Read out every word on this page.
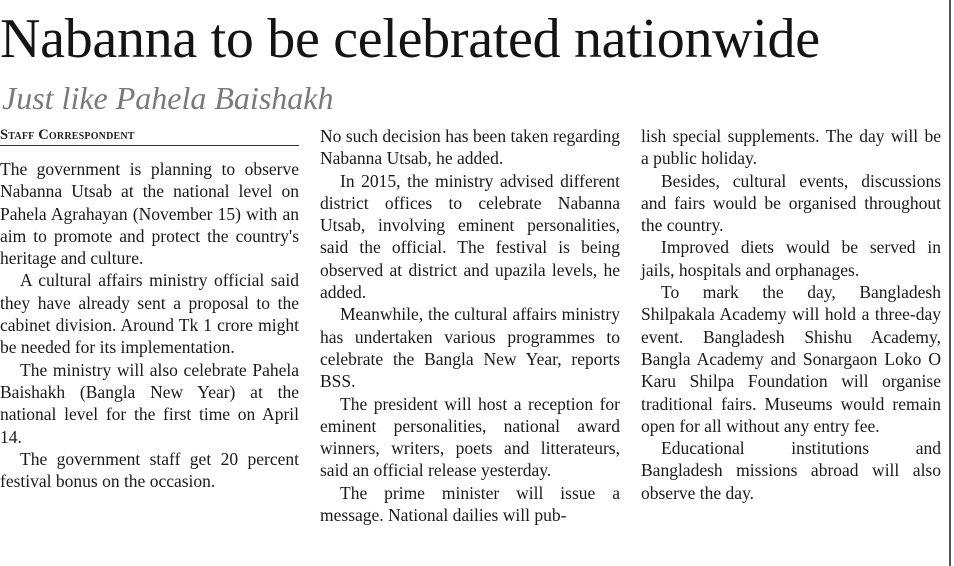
Nabanna to be celebrated nationwide
Just like Pahela Baishakh
Staff Correspondent

The government is planning to observe Nabanna Utsab at the national level on Pahela Agrahayan (November 15) with an aim to promote and protect the country's heritage and culture.

A cultural affairs ministry official said they have already sent a proposal to the cabinet division. Around Tk 1 crore might be needed for its implementation.

The ministry will also celebrate Pahela Baishakh (Bangla New Year) at the national level for the first time on April 14.

The government staff get 20 percent festival bonus on the occasion.

No such decision has been taken regarding Nabanna Utsab, he added.

In 2015, the ministry advised different district offices to celebrate Nabanna Utsab, involving eminent personalities, said the official. The festival is being observed at district and upazila levels, he added.

Meanwhile, the cultural affairs ministry has undertaken various programmes to celebrate the Bangla New Year, reports BSS.

The president will host a reception for eminent personalities, national award winners, writers, poets and litterateurs, said an official release yesterday.

The prime minister will issue a message. National dailies will pub-

lish special supplements. The day will be a public holiday.

Besides, cultural events, discussions and fairs would be organised throughout the country.

Improved diets would be served in jails, hospitals and orphanages.

To mark the day, Bangladesh Shilpakala Academy will hold a three-day event. Bangladesh Shishu Academy, Bangla Academy and Sonargaon Loko O Karu Shilpa Foundation will organise traditional fairs. Museums would remain open for all without any entry fee.

Educational institutions and Bangladesh missions abroad will also observe the day.
